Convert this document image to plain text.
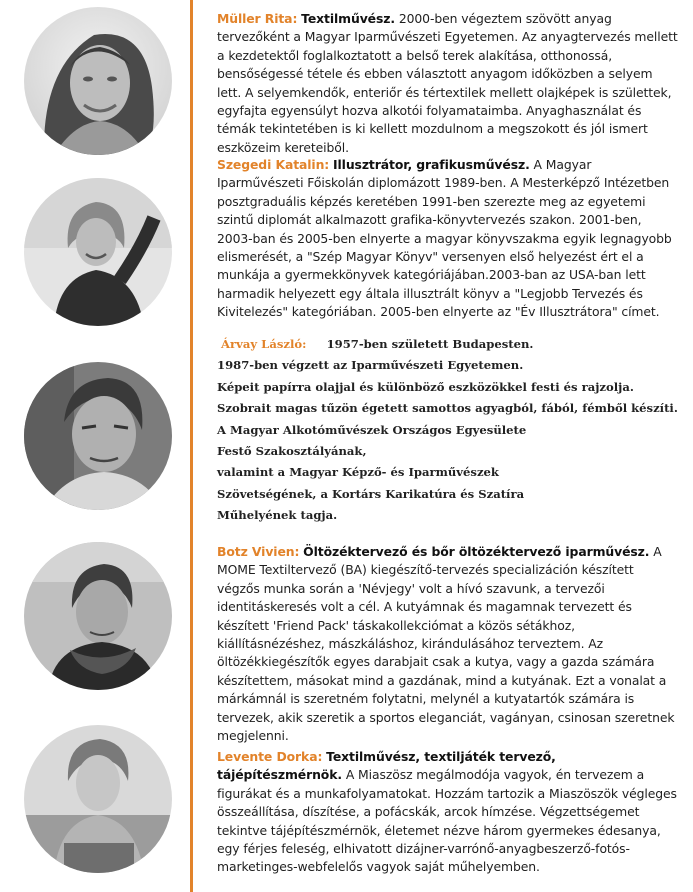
Müller Rita: Textilművész. 2000-ben végeztem szövött anyag tervezőként a Magyar Iparművészeti Egyetemen. Az anyagtervezés mellett a kezdetektől foglalkoztatott a belső terek alakítása, otthonossá, bensőségessé tétele és ebben választott anyagom időközben a selyem lett. A selyemkendők, enteriőr és tértextilek mellett olajképek is születtek, egyfajta egyensúlyt hozva alkotói folyamataimba. Anyaghasználat és témák tekintetében is ki kellett mozdulnom a megszokott és jól ismert eszközeim kereteiből.
Szegedi Katalin: Illusztrátor, grafikusművész. A Magyar Iparművészeti Főiskolán diplomázott 1989-ben. A Mesterképző Intézetben posztgraduális képzés keretében 1991-ben szerezte meg az egyetemi szintű diplomát alkalmazott grafika-könyvtervezés szakon. 2001-ben, 2003-ban és 2005-ben elnyerte a magyar könyvszakma egyik legnagyobb elismerését, a "Szép Magyar Könyv" versenyen első helyezést ért el a munkája a gyermekkönyvek kategóriájában.2003-ban az USA-ban lett harmadik helyezett egy általa illusztrált könyv a "Legjobb Tervezés és Kivitelezés" kategóriában. 2005-ben elnyerte az "Év Illusztrátora" címet.
Árvay László: 1957-ben született Budapesten.
1987-ben végzett az Iparművészeti Egyetemen.
Képeit papírra olajjal és különböző eszközökkel festi és rajzolja.
Szobrait magas tűzön égetett samottos agyagból, fából, fémből készíti.
A Magyar Alkotóművészek Országos Egyesülete
Festő Szakosztályának,
valamint a Magyar Képző- és Iparművészek
Szövetségének, a Kortárs Karikatúra és Szatíra
Műhelyének tagja.
Botz Vivien: Öltözéktervező és bőr öltözéktervező iparművész. A MOME Textiltervező (BA) kiegészítő-tervezés specializáción készített végzős munka során a 'Névjegy' volt a hívó szavunk, a tervezői identitáskeresés volt a cél. A kutyámnak és magamnak tervezett és készített 'Friend Pack' táskakollekciómat a közös sétákhoz, kiállításnézéshez, mászkáláshoz, kirándulásához terveztem. Az öltözékkiegészítők egyes darabjait csak a kutya, vagy a gazda számára készítettem, másokat mind a gazdának, mind a kutyának. Ezt a vonalat a márkámnál is szeretném folytatni, melynél a kutyatartók számára is tervezek, akik szeretik a sportos eleganciát, vagányan, csinosan szeretnek megjelenni.
Levente Dorka: Textilművész, textiljáték tervező, tájépítészmérnök. A Miaszösz megálmodója vagyok, én tervezem a figurákat és a munkafolyamatokat. Hozzám tartozik a Miaszöszök végleges összeállítása, díszítése, a pofácskák, arcok hímzése. Végzettségemet tekintve tájépítészmérnök, életemet nézve három gyermekes édesanya, egy férjes feleség, elhivatott dizájner-varrónő-anyagbeszerző-fotós-marketinges-webfelelős vagyok saját műhelyemben.
